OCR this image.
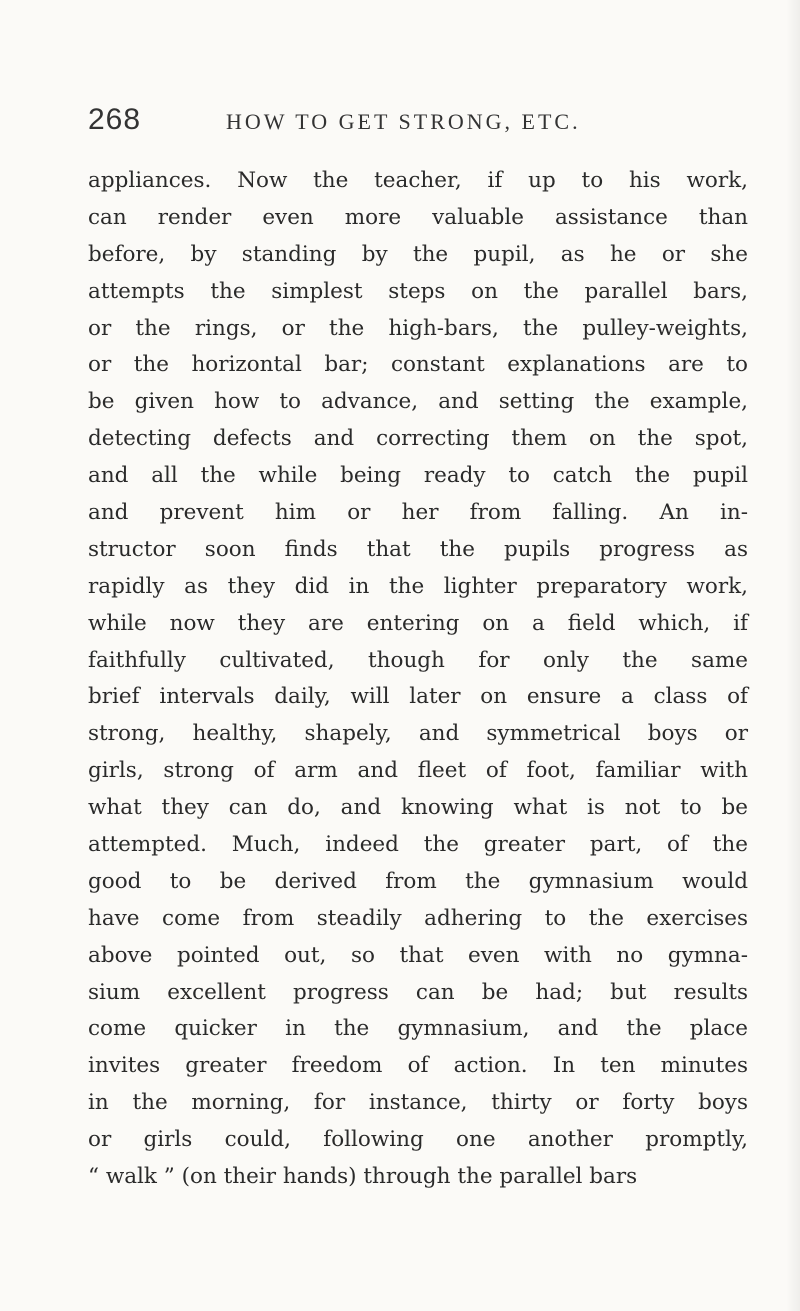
268	HOW TO GET STRONG, ETC.
appliances. Now the teacher, if up to his work,
can render even more valuable assistance than
before, by standing by the pupil, as he or she
attempts the simplest steps on the parallel bars,
or the rings, or the high-bars, the pulley-weights,
or the horizontal bar; constant explanations are to
be given how to advance, and setting the example,
detecting defects and correcting them on the spot,
and all the while being ready to catch the pupil
and prevent him or her from falling. An in-
structor soon finds that the pupils progress as
rapidly as they did in the lighter preparatory work,
while now they are entering on a field which, if
faithfully cultivated, though for only the same
brief intervals daily, will later on ensure a class of
strong, healthy, shapely, and symmetrical boys or
girls, strong of arm and fleet of foot, familiar with
what they can do, and knowing what is not to be
attempted. Much, indeed the greater part, of the
good to be derived from the gymnasium would
have come from steadily adhering to the exercises
above pointed out, so that even with no gymna-
sium excellent progress can be had; but results
come quicker in the gymnasium, and the place
invites greater freedom of action. In ten minutes
in the morning, for instance, thirty or forty boys
or girls could, following one another promptly,
“ walk ” (on their hands) through the parallel bars
